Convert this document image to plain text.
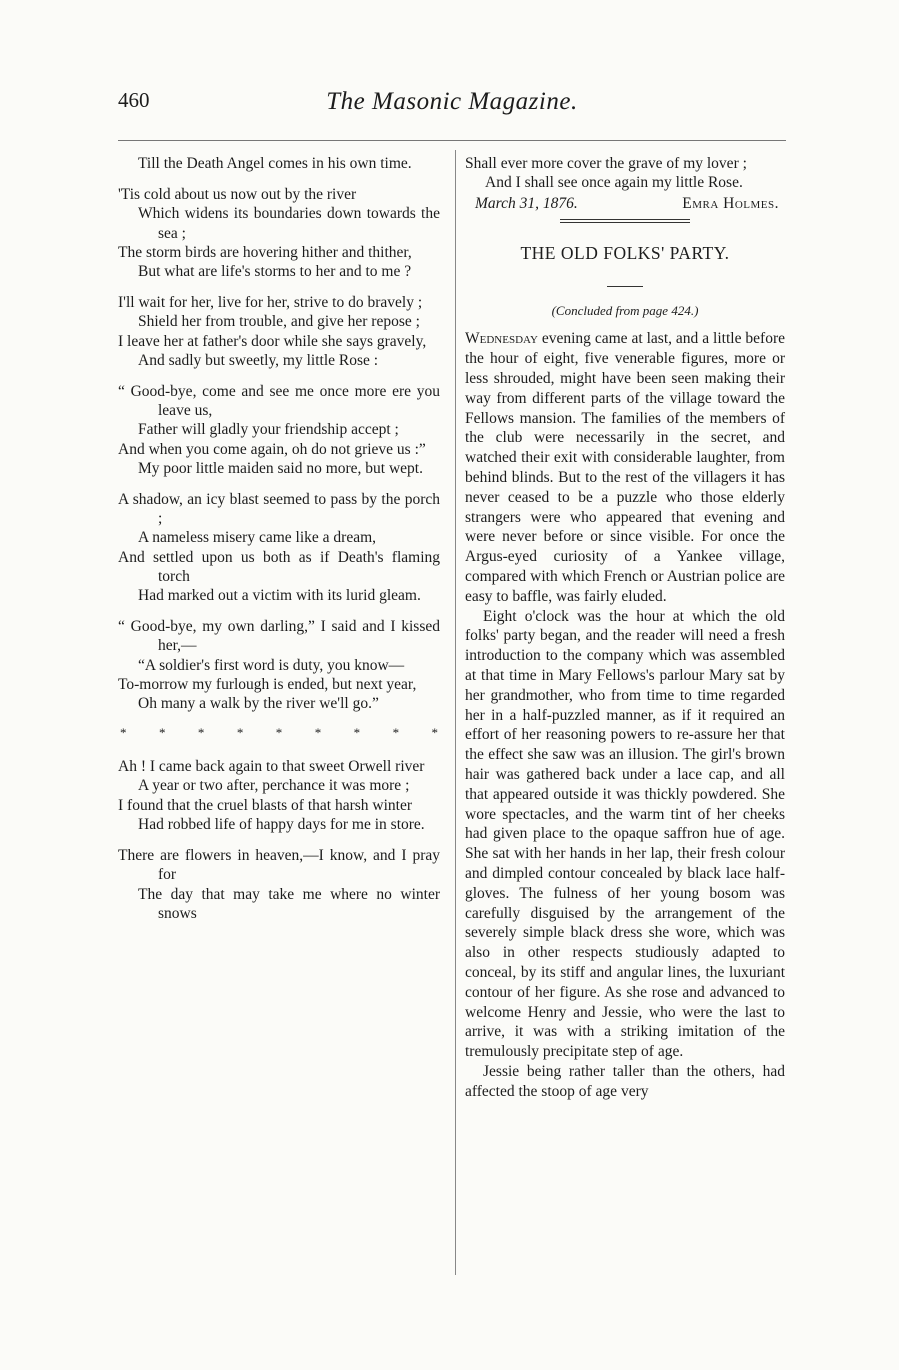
460	The Masonic Magazine.
Till the Death Angel comes in his own time.
'Tis cold about us now out by the river
Which widens its boundaries down towards the sea ;
The storm birds are hovering hither and thither,
But what are life's storms to her and to me ?
I'll wait for her, live for her, strive to do bravely ;
Shield her from trouble, and give her repose ;
I leave her at father's door while she says gravely,
And sadly but sweetly, my little Rose :
“ Good-bye, come and see me once more ere you leave us,
Father will gladly your friendship accept ;
And when you come again, oh do not grieve us :”
My poor little maiden said no more, but wept.
A shadow, an icy blast seemed to pass by the porch ;
A nameless misery came like a dream,
And settled upon us both as if Death's flaming torch
Had marked out a victim with its lurid gleam.
“ Good-bye, my own darling,” I said and I kissed her,—
“A soldier's first word is duty, you know—
To-morrow my furlough is ended, but next year,
Oh many a walk by the river we'll go.”
* * * * * * * * *
Ah ! I came back again to that sweet Orwell river
A year or two after, perchance it was more ;
I found that the cruel blasts of that harsh winter
Had robbed life of happy days for me in store.
There are flowers in heaven,—I know, and I pray for
The day that may take me where no winter snows
Shall ever more cover the grave of my lover ;
And I shall see once again my little Rose.
March 31, 1876.	Emra Holmes.
THE OLD FOLKS' PARTY.
(Concluded from page 424.)

Wednesday evening came at last, and a little before the hour of eight, five venerable figures, more or less shrouded, might have been seen making their way from different parts of the village toward the Fellows mansion. The families of the members of the club were necessarily in the secret, and watched their exit with considerable laughter, from behind blinds. But to the rest of the villagers it has never ceased to be a puzzle who those elderly strangers were who appeared that evening and were never before or since visible. For once the Argus-eyed curiosity of a Yankee village, compared with which French or Austrian police are easy to baffle, was fairly eluded.

Eight o'clock was the hour at which the old folks' party began, and the reader will need a fresh introduction to the company which was assembled at that time in Mary Fellows's parlour Mary sat by her grandmother, who from time to time regarded her in a half-puzzled manner, as if it required an effort of her reasoning powers to re-assure her that the effect she saw was an illusion. The girl's brown hair was gathered back under a lace cap, and all that appeared outside it was thickly powdered. She wore spectacles, and the warm tint of her cheeks had given place to the opaque saffron hue of age. She sat with her hands in her lap, their fresh colour and dimpled contour concealed by black lace half-gloves. The fulness of her young bosom was carefully disguised by the arrangement of the severely simple black dress she wore, which was also in other respects studiously adapted to conceal, by its stiff and angular lines, the luxuriant contour of her figure. As she rose and advanced to welcome Henry and Jessie, who were the last to arrive, it was with a striking imitation of the tremulously precipitate step of age.

Jessie being rather taller than the others, had affected the stoop of age very
